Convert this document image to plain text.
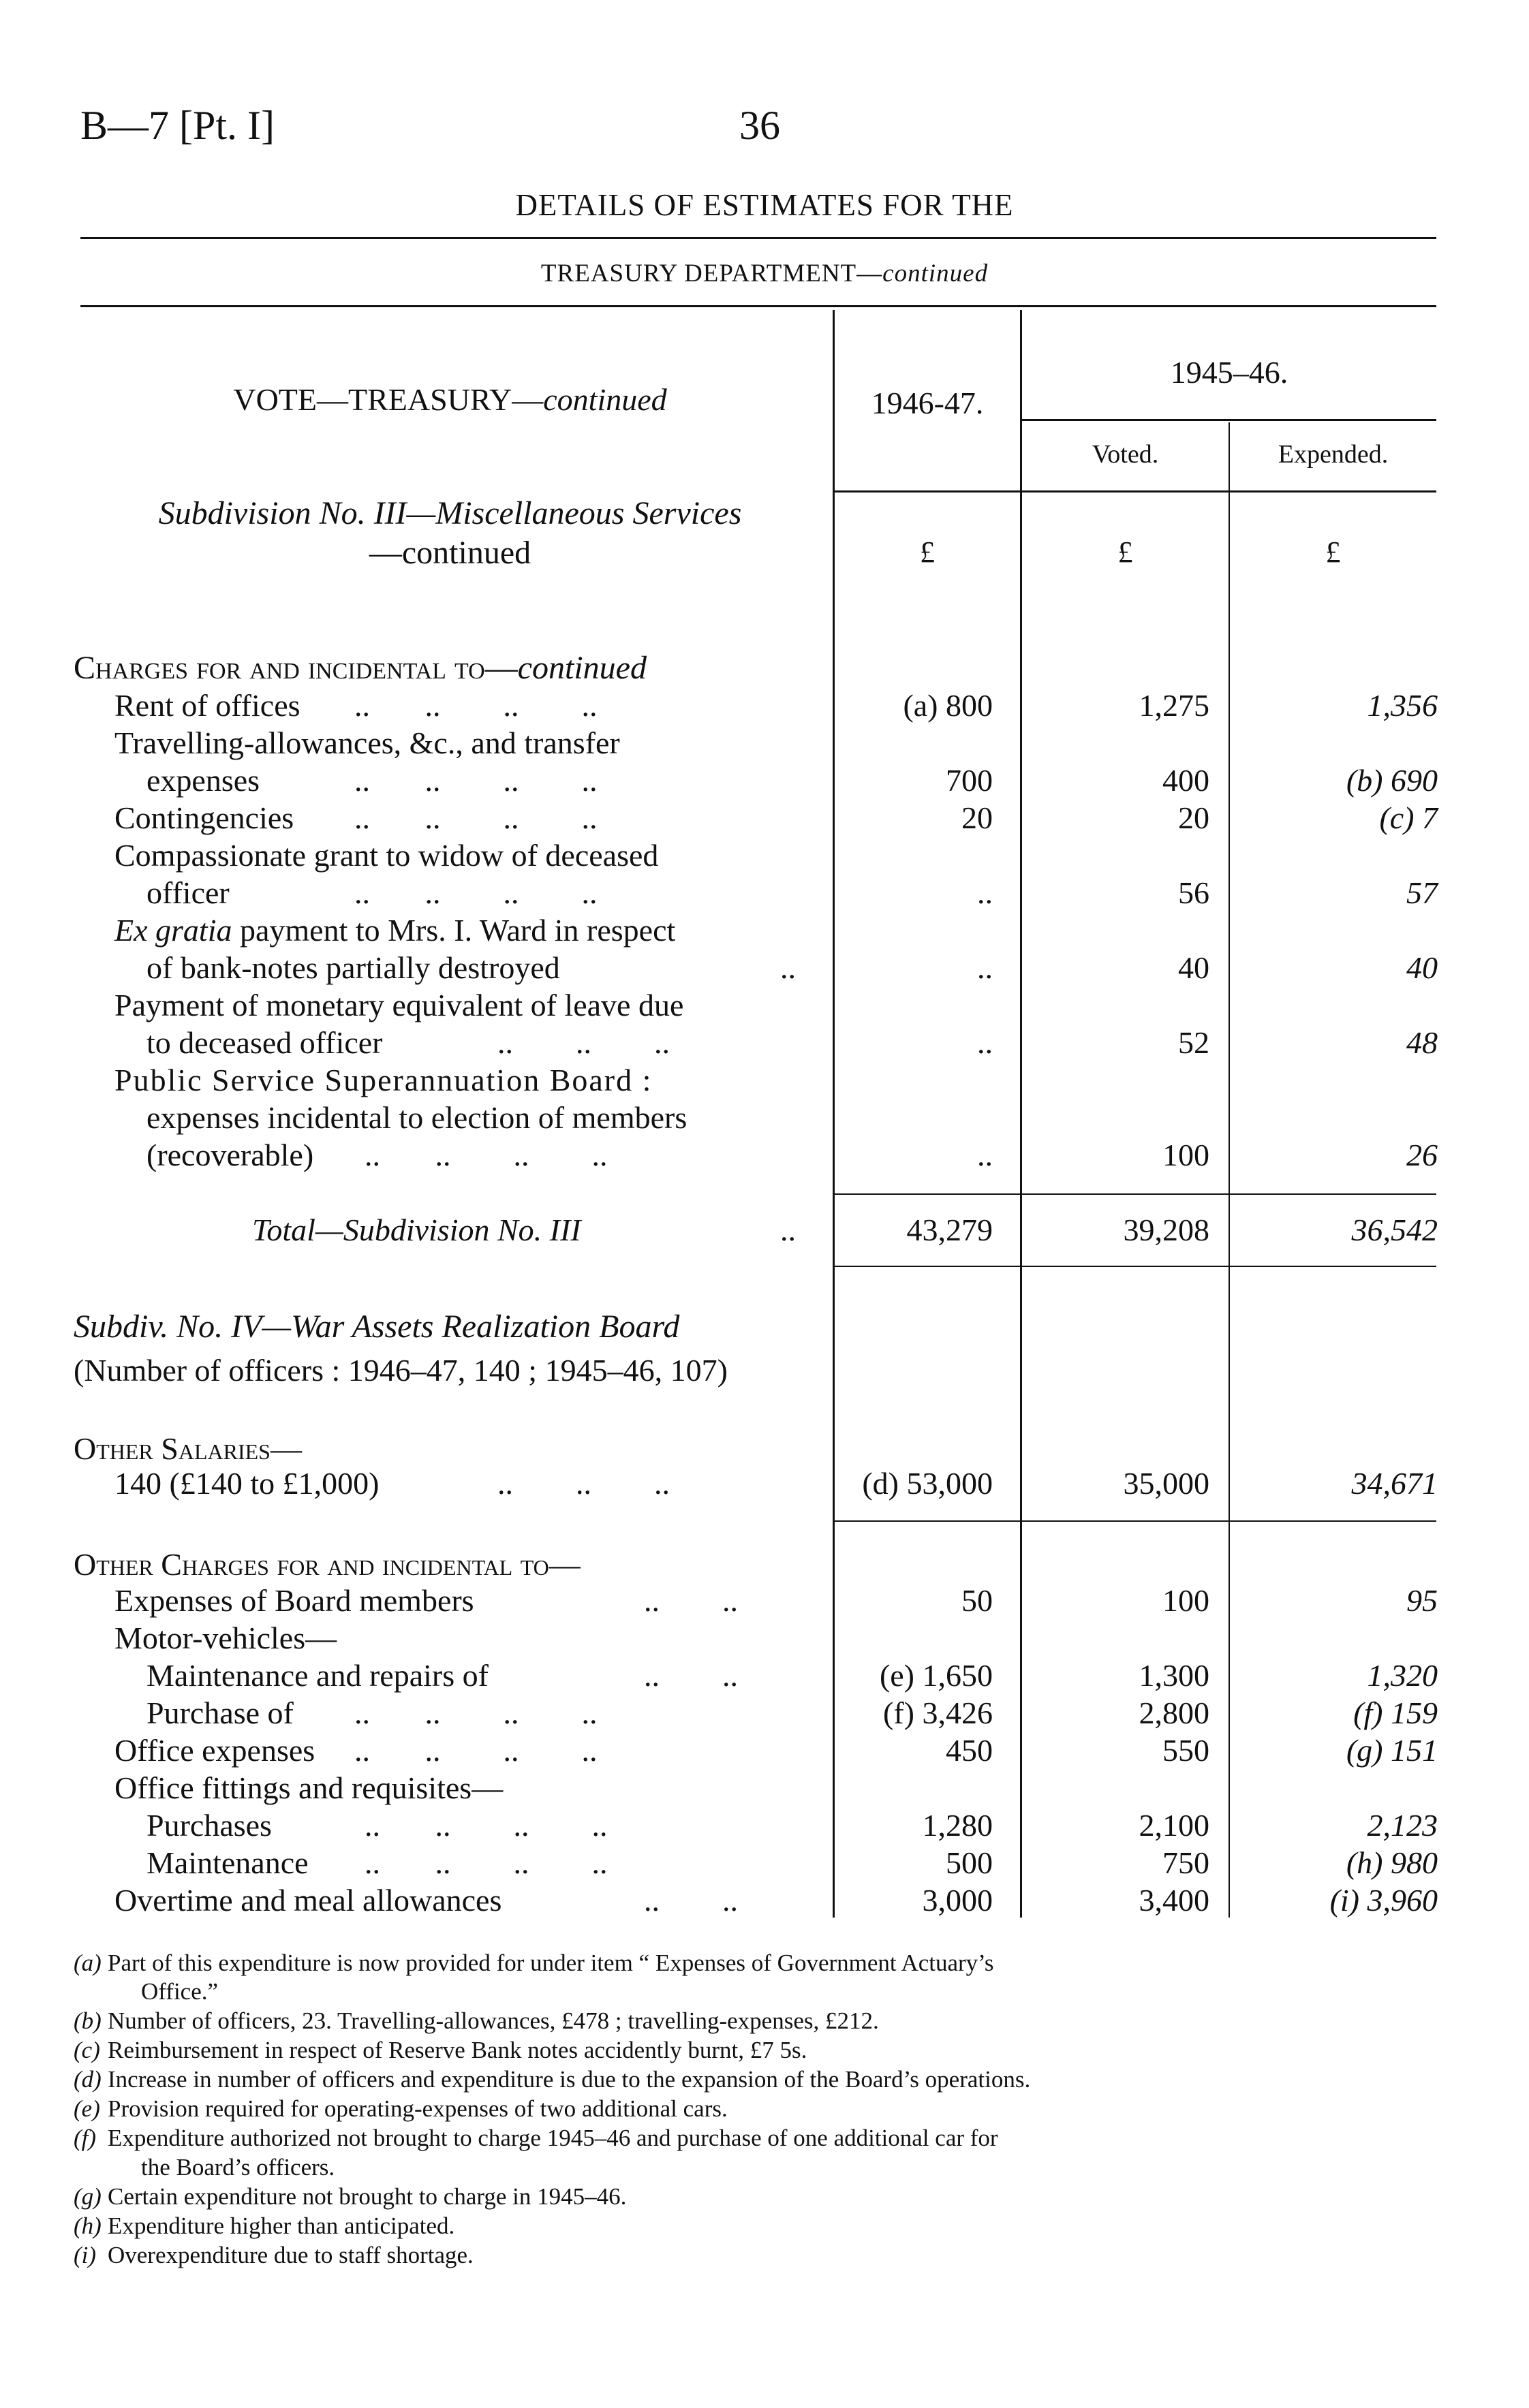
B—7 [Pt. I]	36
DETAILS OF ESTIMATES FOR THE
TREASURY DEPARTMENT—continued
VOTE—TREASURY—continued	1946-47.
1945–46.
Voted.	Expended.
Subdivision No. III—Miscellaneous Services
—continued	£	£	£
Charges for and incidental to—continued
Rent of offices ..       ..        ..        ..	(a) 800	1,275	1,356
Travelling-allowances, &c., and transfer
expenses	..       ..        ..        ..	700	400	(b) 690
Contingencies ..       ..        ..        ..	20	20	(c) 7
Compassionate grant to widow of deceased
officer	..       ..        ..        ..	..	56	57
Ex gratia payment to Mrs. I. Ward in respect
of bank-notes partially destroyed	..	..	40	40
Payment of monetary equivalent of leave due
to deceased officer	..        ..        ..	..	52	48
Public Service Superannuation Board :
expenses incidental to election of members
(recoverable) ..       ..        ..        ..	..	100	26
Total—Subdivision No. III	..	43,279	39,208	36,542
Subdiv. No. IV—War Assets Realization Board
(Number of officers : 1946–47, 140 ; 1945–46, 107)
Other Salaries—
140 (£140 to £1,000)	..        ..        ..	(d) 53,000	35,000	34,671
Other Charges for and incidental to—
Expenses of Board members	..        ..	50	100	95
Motor-vehicles—
Maintenance and repairs of	..        ..	(e) 1,650	1,300	1,320
Purchase of ..       ..        ..        ..	(f) 3,426	2,800	(f) 159
Office expenses ..       ..        ..        ..	450	550	(g) 151
Office fittings and requisites—
Purchases	..       ..        ..        ..	1,280	2,100	2,123
Maintenance ..       ..        ..        ..	500	750	(h) 980
Overtime and meal allowances	..        ..	3,000	3,400	(i) 3,960
(a) Part of this expenditure is now provided for under item “ Expenses of Government Actuary’s
Office.”
(b) Number of officers, 23. Travelling-allowances, £478 ; travelling-expenses, £212.
(c) Reimbursement in respect of Reserve Bank notes accidently burnt, £7 5s.
(d) Increase in number of officers and expenditure is due to the expansion of the Board’s operations.
(e) Provision required for operating-expenses of two additional cars.
(f) Expenditure authorized not brought to charge 1945–46 and purchase of one additional car for
the Board’s officers.
(g) Certain expenditure not brought to charge in 1945–46.
(h) Expenditure higher than anticipated.
(i) Overexpenditure due to staff shortage.
